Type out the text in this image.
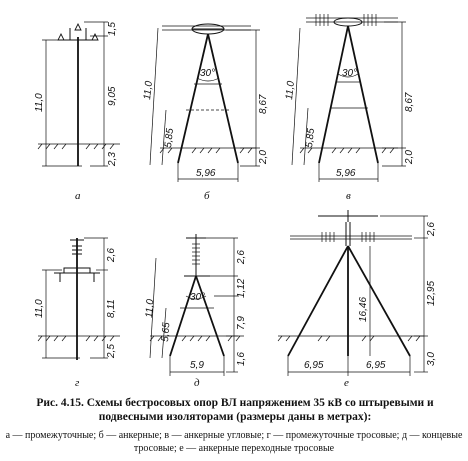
11,0
1,5
9,05
2,3
а
30°
11,0
5,85
8,67
2,0
5,96
б
30°
11,0
5,85
8,67
2,0
5,96
в
11,0
2,6
8,11
2,5
г
30°
11,0
5,65
2,6
1,12
7,9
1,6
5,9
д
16,46
2,6
12,95
3,0
6,95	6,95
е

Рис. 4.15. Схемы бестросовых опор ВЛ напряжением 35 кВ со штыревыми и подвесными изоляторами (размеры даны в метрах):

а — промежуточные; б — анкерные; в — анкерные угловые; г — промежуточные тросовые; д — концевые тросовые; е — анкерные переходные тросовые
